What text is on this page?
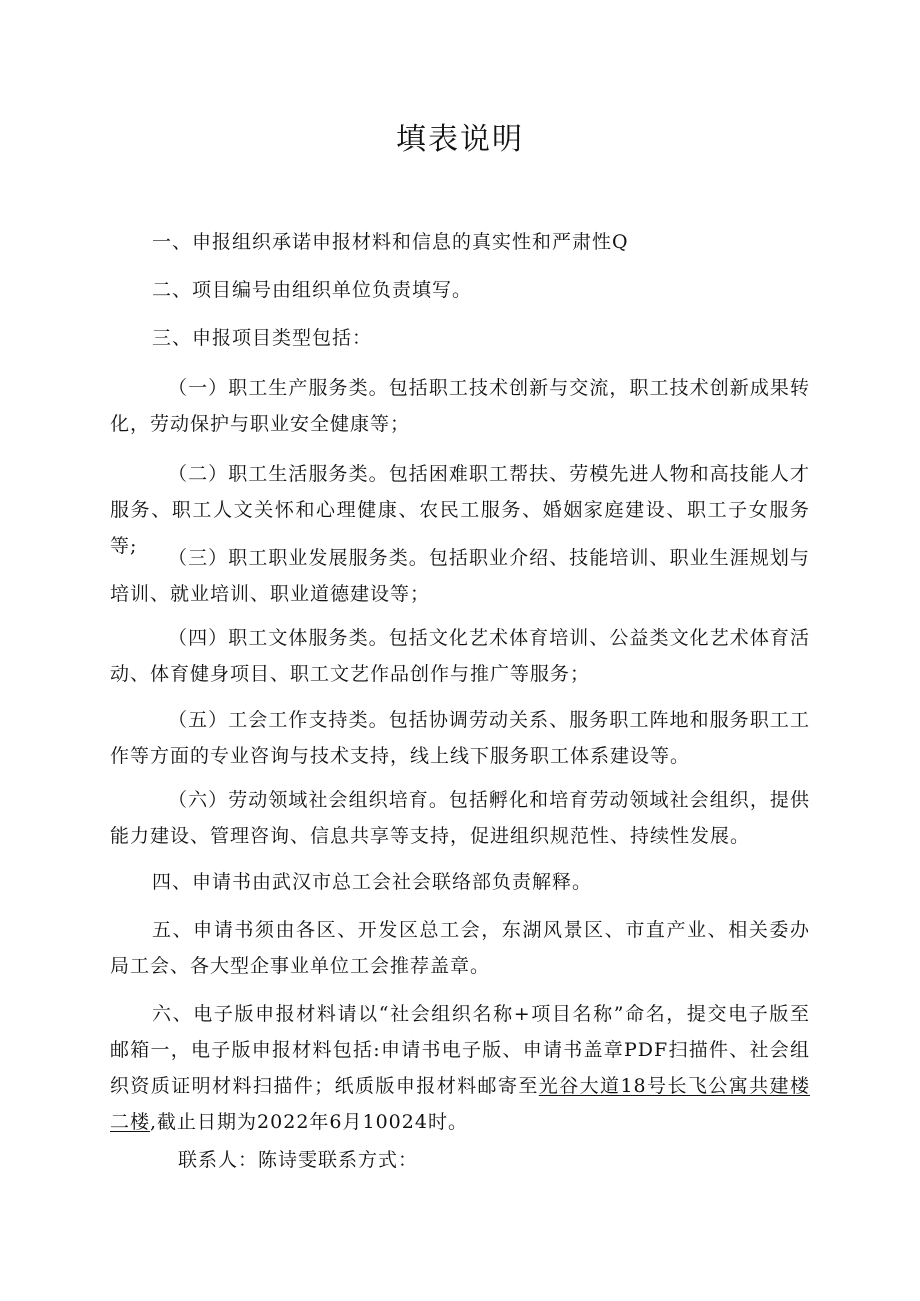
填表说明

一、申报组织承诺申报材料和信息的真实性和严肃性Q

二、项目编号由组织单位负责填写。

三、申报项目类型包括：

（一）职工生产服务类。包括职工技术创新与交流，职工技术创新成果转化，劳动保护与职业安全健康等；

（二）职工生活服务类。包括困难职工帮扶、劳模先进人物和高技能人才服务、职工人文关怀和心理健康、农民工服务、婚姻家庭建设、职工子女服务等;

（三）职工职业发展服务类。包括职业介绍、技能培训、职业生涯规划与培训、就业培训、职业道德建设等；

（四）职工文体服务类。包括文化艺术体育培训、公益类文化艺术体育活动、体育健身项目、职工文艺作品创作与推广等服务；

（五）工会工作支持类。包括协调劳动关系、服务职工阵地和服务职工工作等方面的专业咨询与技术支持，线上线下服务职工体系建设等。

（六）劳动领域社会组织培育。包括孵化和培育劳动领域社会组织，提供能力建设、管理咨询、信息共享等支持，促进组织规范性、持续性发展。

四、申请书由武汉市总工会社会联络部负责解释。

五、申请书须由各区、开发区总工会，东湖风景区、市直产业、相关委办局工会、各大型企事业单位工会推荐盖章。

六、电子版申报材料请以“社会组织名称+项目名称”命名，提交电子版至邮箱一，电子版申报材料包括:申请书电子版、申请书盖章PDF扫描件、社会组织资质证明材料扫描件；纸质版申报材料邮寄至光谷大道18号长飞公寓共建楼二楼,截止日期为2022年6月10024时。

联系人：陈诗雯联系方式：
